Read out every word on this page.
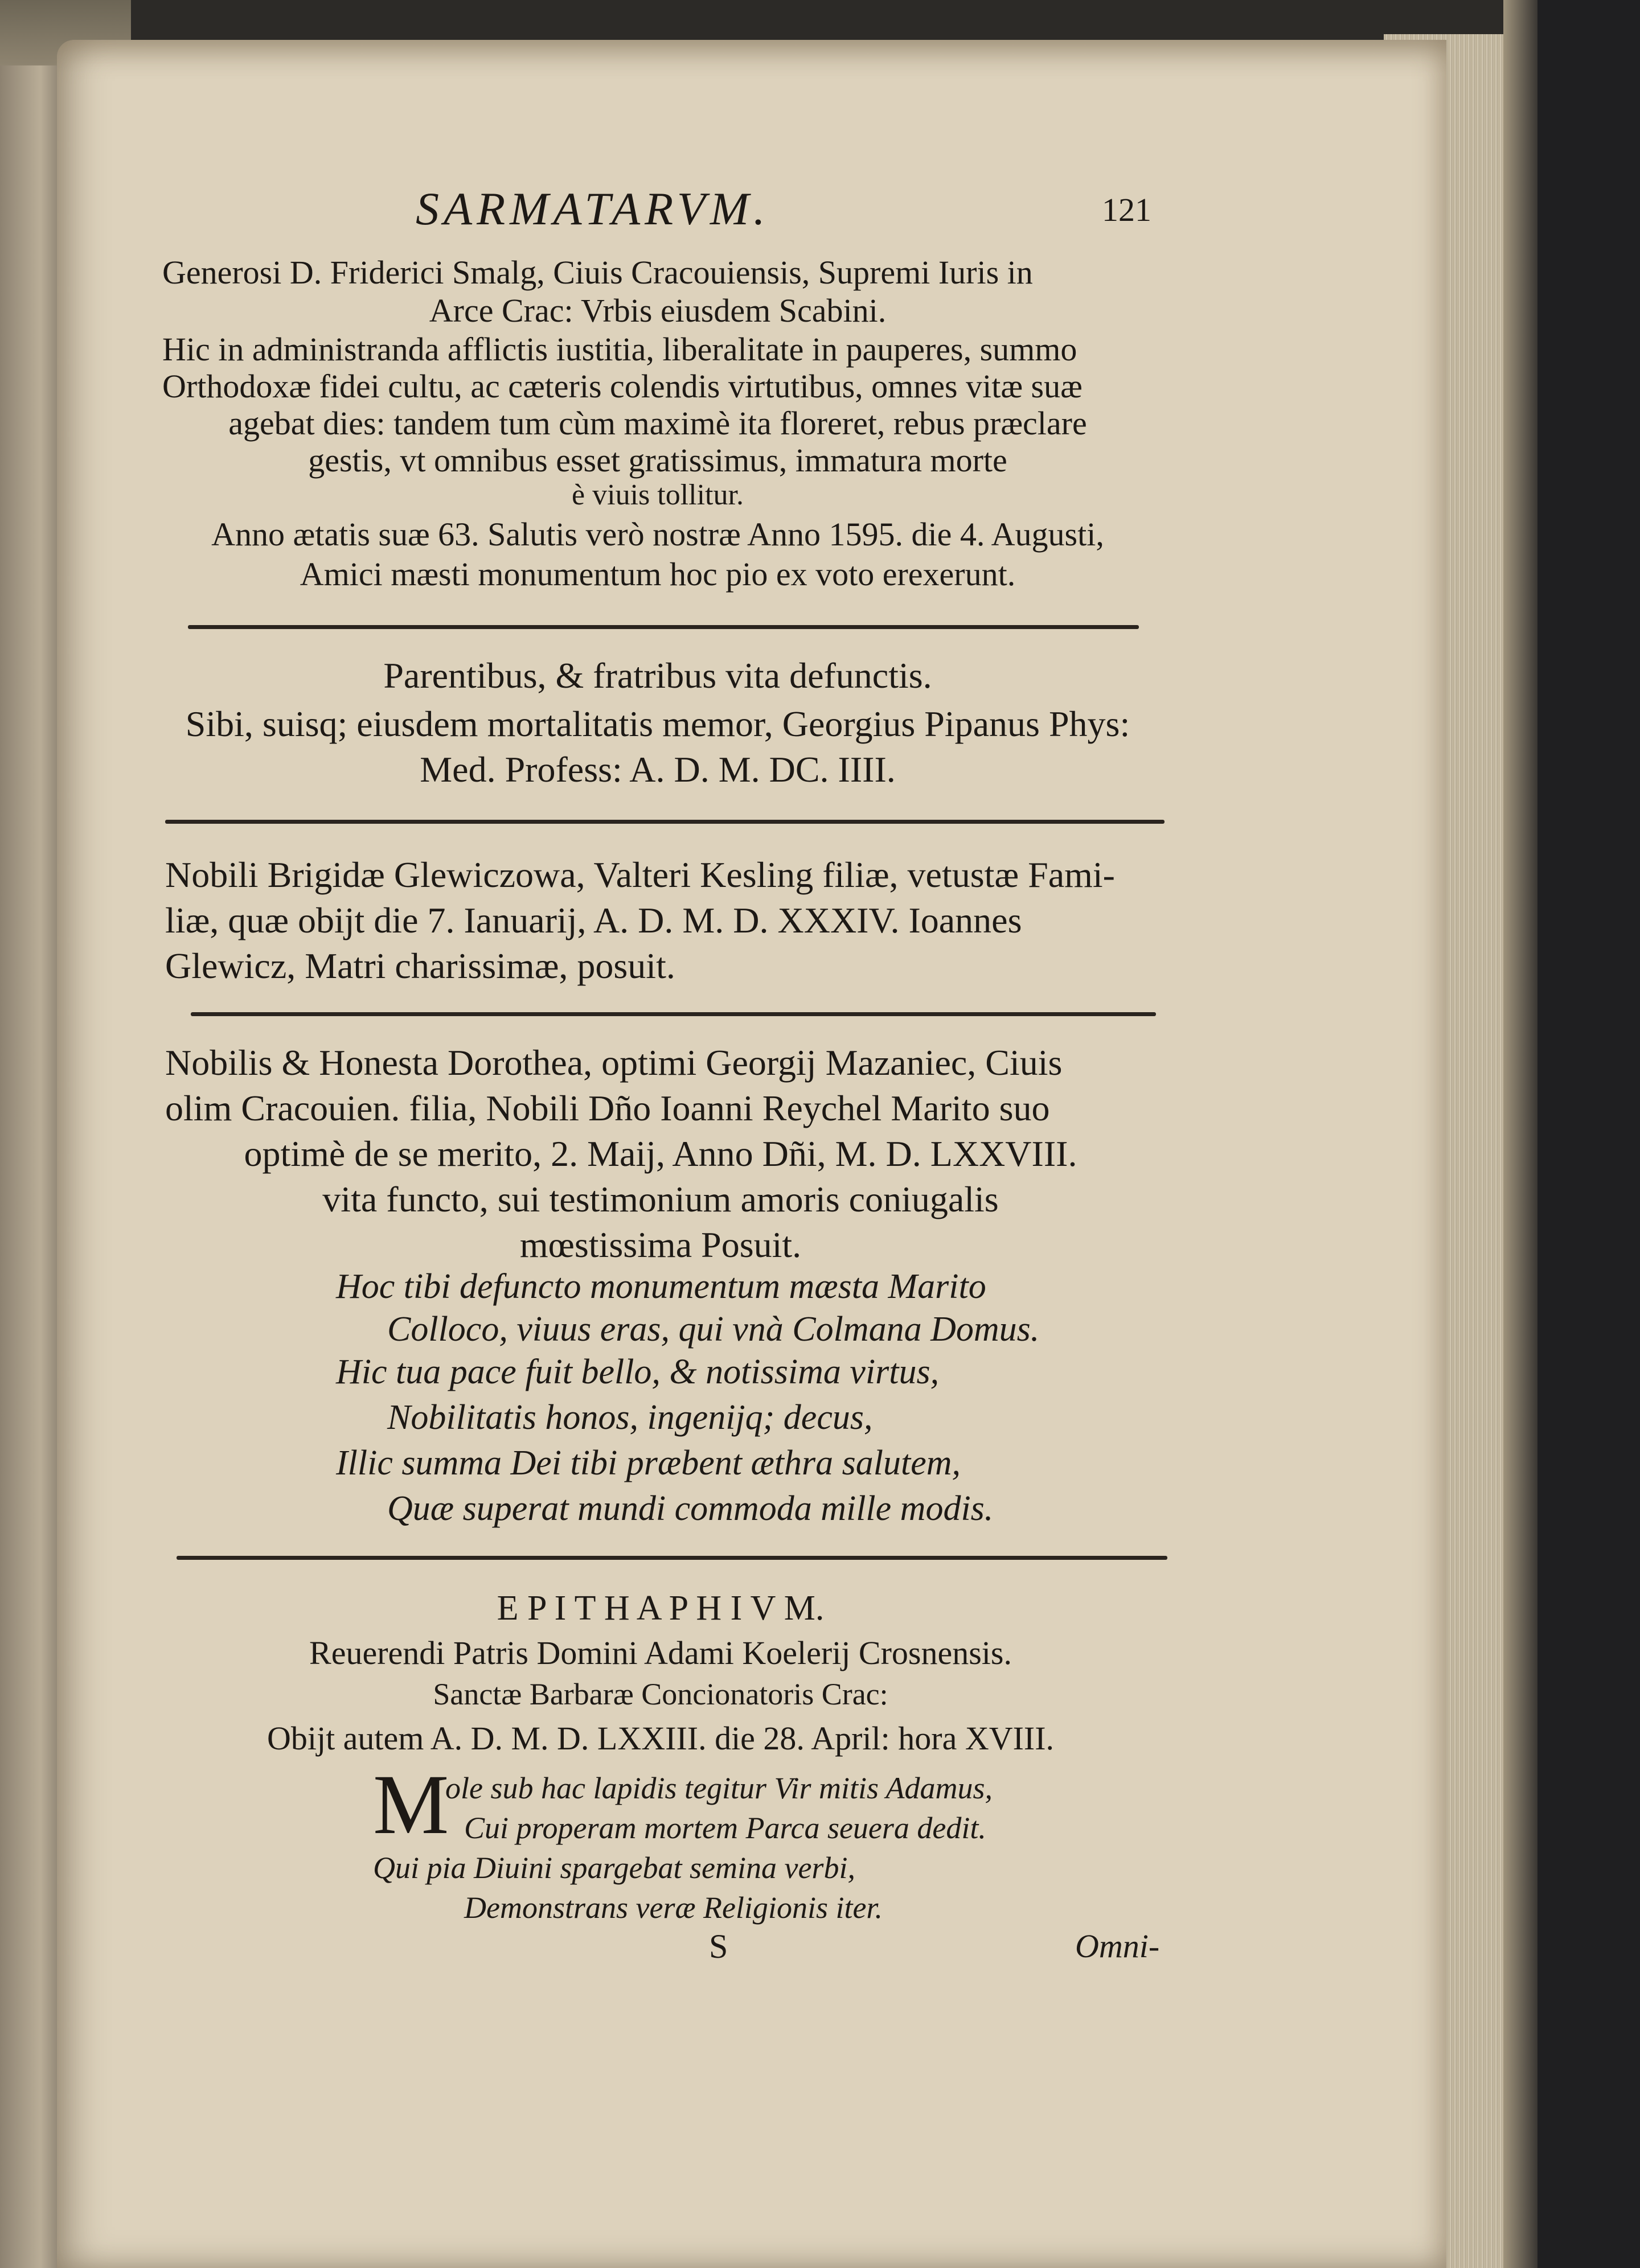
SARMATARVM.	121
Generosi D. Friderici Smalg, Ciuis Cracouiensis, Supremi Iuris in
Arce Crac: Vrbis eiusdem Scabini.
Hic in administranda afflictis iustitia, liberalitate in pauperes, summo
Orthodoxæ fidei cultu, ac cæteris colendis virtutibus, omnes vitæ suæ
agebat dies: tandem tum cùm maximè ita floreret, rebus præclare
gestis, vt omnibus esset gratissimus, immatura morte
è viuis tollitur.
Anno ætatis suæ 63. Salutis verò nostræ Anno 1595. die 4. Augusti,
Amici mæsti monumentum hoc pio ex voto erexerunt.
Parentibus, & fratribus vita defunctis.
Sibi, suisq; eiusdem mortalitatis memor, Georgius Pipanus Phys:
Med. Profess: A. D. M. DC. IIII.
Nobili Brigidæ Glewiczowa, Valteri Kesling filiæ, vetustæ Fami-
liæ, quæ obijt die 7. Ianuarij, A. D. M. D. XXXIV. Ioannes
Glewicz, Matri charissimæ, posuit.
Nobilis & Honesta Dorothea, optimi Georgij Mazaniec, Ciuis
olim Cracouien. filia, Nobili Dño Ioanni Reychel Marito suo
optimè de se merito, 2. Maij, Anno Dñi, M. D. LXXVIII.
vita functo, sui testimonium amoris coniugalis
mœstissima Posuit.
Hoc tibi defuncto monumentum mæsta Marito
Colloco, viuus eras, qui vnà Colmana Domus.
Hic tua pace fuit bello, & notissima virtus,
Nobilitatis honos, ingenijq; decus,
Illic summa Dei tibi præbent æthra salutem,
Quæ superat mundi commoda mille modis.
E P I T H A P H I V M.
Reuerendi Patris Domini Adami Koelerij Crosnensis.
Sanctæ Barbaræ Concionatoris Crac:
Obijt autem A. D. M. D. LXXIII. die 28. April: hora XVIII.
M
ole sub hac lapidis tegitur Vir mitis Adamus,
Cui properam mortem Parca seuera dedit.
Qui pia Diuini spargebat semina verbi,
Demonstrans veræ Religionis iter.
S	Omni-
